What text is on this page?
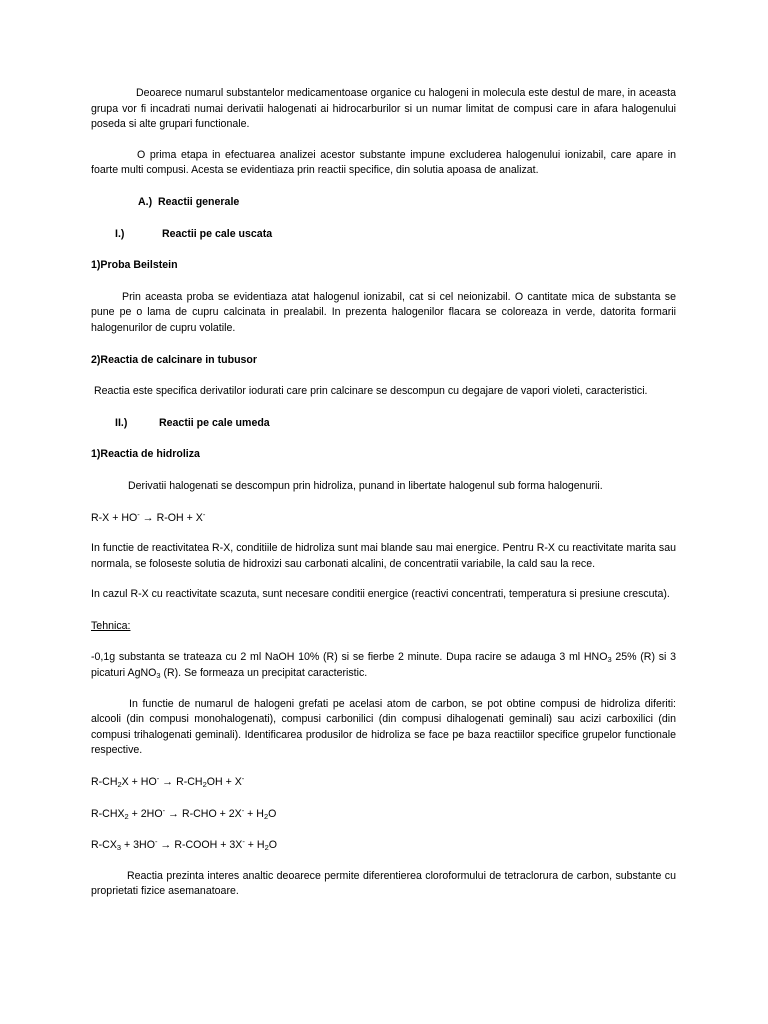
Deoarece numarul substantelor medicamentoase organice cu halogeni in molecula este destul de mare, in aceasta grupa vor fi incadrati numai derivatii halogenati ai hidrocarburilor si un numar limitat de compusi care in afara halogenului poseda si alte grupari functionale.

O prima etapa in efectuarea analizei acestor substante impune excluderea halogenului ionizabil, care apare in foarte multi compusi. Acesta se evidentiaza prin reactii specifice, din solutia apoasa de analizat.

A.) Reactii generale

I.)	Reactii pe cale uscata

1)Proba Beilstein

Prin aceasta proba se evidentiaza atat halogenul ionizabil, cat si cel neionizabil. O cantitate mica de substanta se pune pe o lama de cupru calcinata in prealabil. In prezenta halogenilor flacara se coloreaza in verde, datorita formarii halogenurilor de cupru volatile.

2)Reactia de calcinare in tubusor

Reactia este specifica derivatilor iodurati care prin calcinare se descompun cu degajare de vapori violeti, caracteristici.

II.)	Reactii pe cale umeda

1)Reactia de hidroliza

Derivatii halogenati se descompun prin hidroliza, punand in libertate halogenul sub forma halogenurii.

R-X + HO- → R-OH + X-

In functie de reactivitatea R-X, conditiile de hidroliza sunt mai blande sau mai energice. Pentru R-X cu reactivitate marita sau normala, se foloseste solutia de hidroxizi sau carbonati alcalini, de concentratii variabile, la cald sau la rece.

In cazul R-X cu reactivitate scazuta, sunt necesare conditii energice (reactivi concentrati, temperatura si presiune crescuta).

Tehnica:

-0,1g substanta se trateaza cu 2 ml NaOH 10% (R) si se fierbe 2 minute. Dupa racire se adauga 3 ml $HNO_3$ 25% (R) si 3 picaturi AgNO$_3$ (R). Se formeaza un precipitat caracteristic.

In functie de numarul de halogeni grefati pe acelasi atom de carbon, se pot obtine compusi de hidroliza diferiti: alcooli (din compusi monohalogenati), compusi carbonilici (din compusi dihalogenati geminali) sau acizi carboxilici (din compusi trihalogenati geminali). Identificarea produsilor de hidroliza se face pe baza reactiilor specifice grupelor functionale respective.

$R-CH_2X + HO^- \to R-CH_2OH + X^-$

$R-CHX_2 + 2HO^- \to R-CHO + 2X^- + H_2O$

$R-CX_3 + 3HO^-$ → R-COOH + $3X^- + H_2O$

Reactia prezinta interes analtic deoarece permite diferentierea cloroformului de tetraclorura de carbon, substante cu proprietati fizice asemanatoare.
